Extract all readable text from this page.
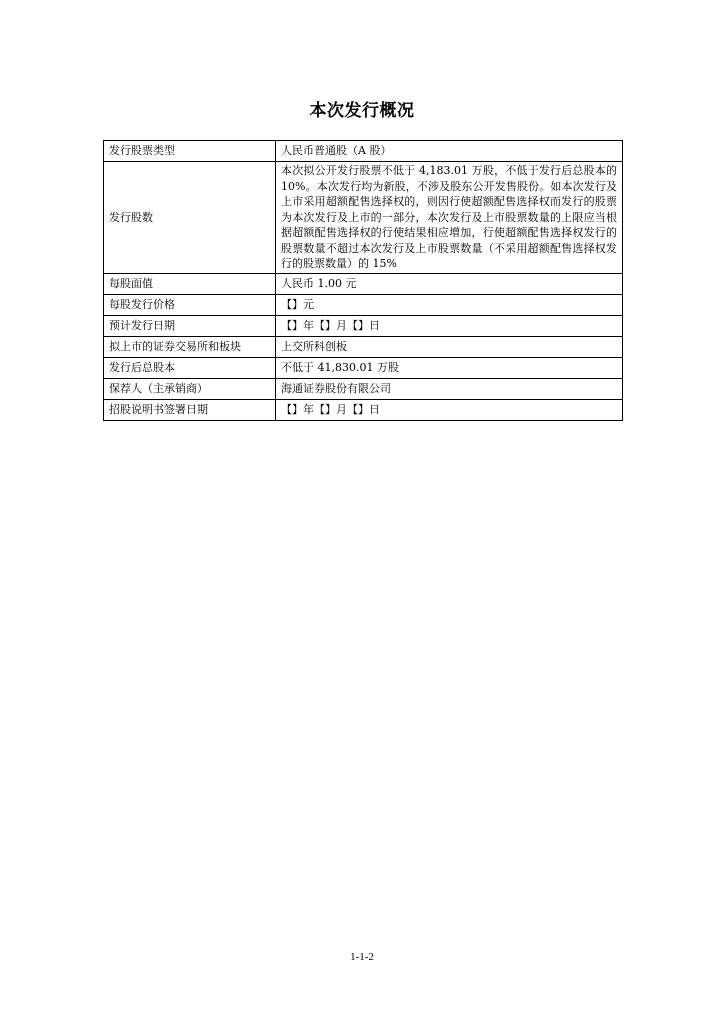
本次发行概况
发行股票类型	人民币普通股（A 股）
发行股数	本次拟公开发行股票不低于 4,183.01 万股，不低于发行后总股本的 10%。本次发行均为新股，不涉及股东公开发售股份。如本次发行及上市采用超额配售选择权的，则因行使超额配售选择权而发行的股票为本次发行及上市的一部分，本次发行及上市股票数量的上限应当根据超额配售选择权的行使结果相应增加，行使超额配售选择权发行的股票数量不超过本次发行及上市股票数量（不采用超额配售选择权发行的股票数量）的 15%
每股面值	人民币 1.00 元
每股发行价格	【】元
预计发行日期	【】年【】月【】日
拟上市的证券交易所和板块	上交所科创板
发行后总股本	不低于 41,830.01 万股
保荐人（主承销商）	海通证券股份有限公司
招股说明书签署日期	【】年【】月【】日
1-1-2
